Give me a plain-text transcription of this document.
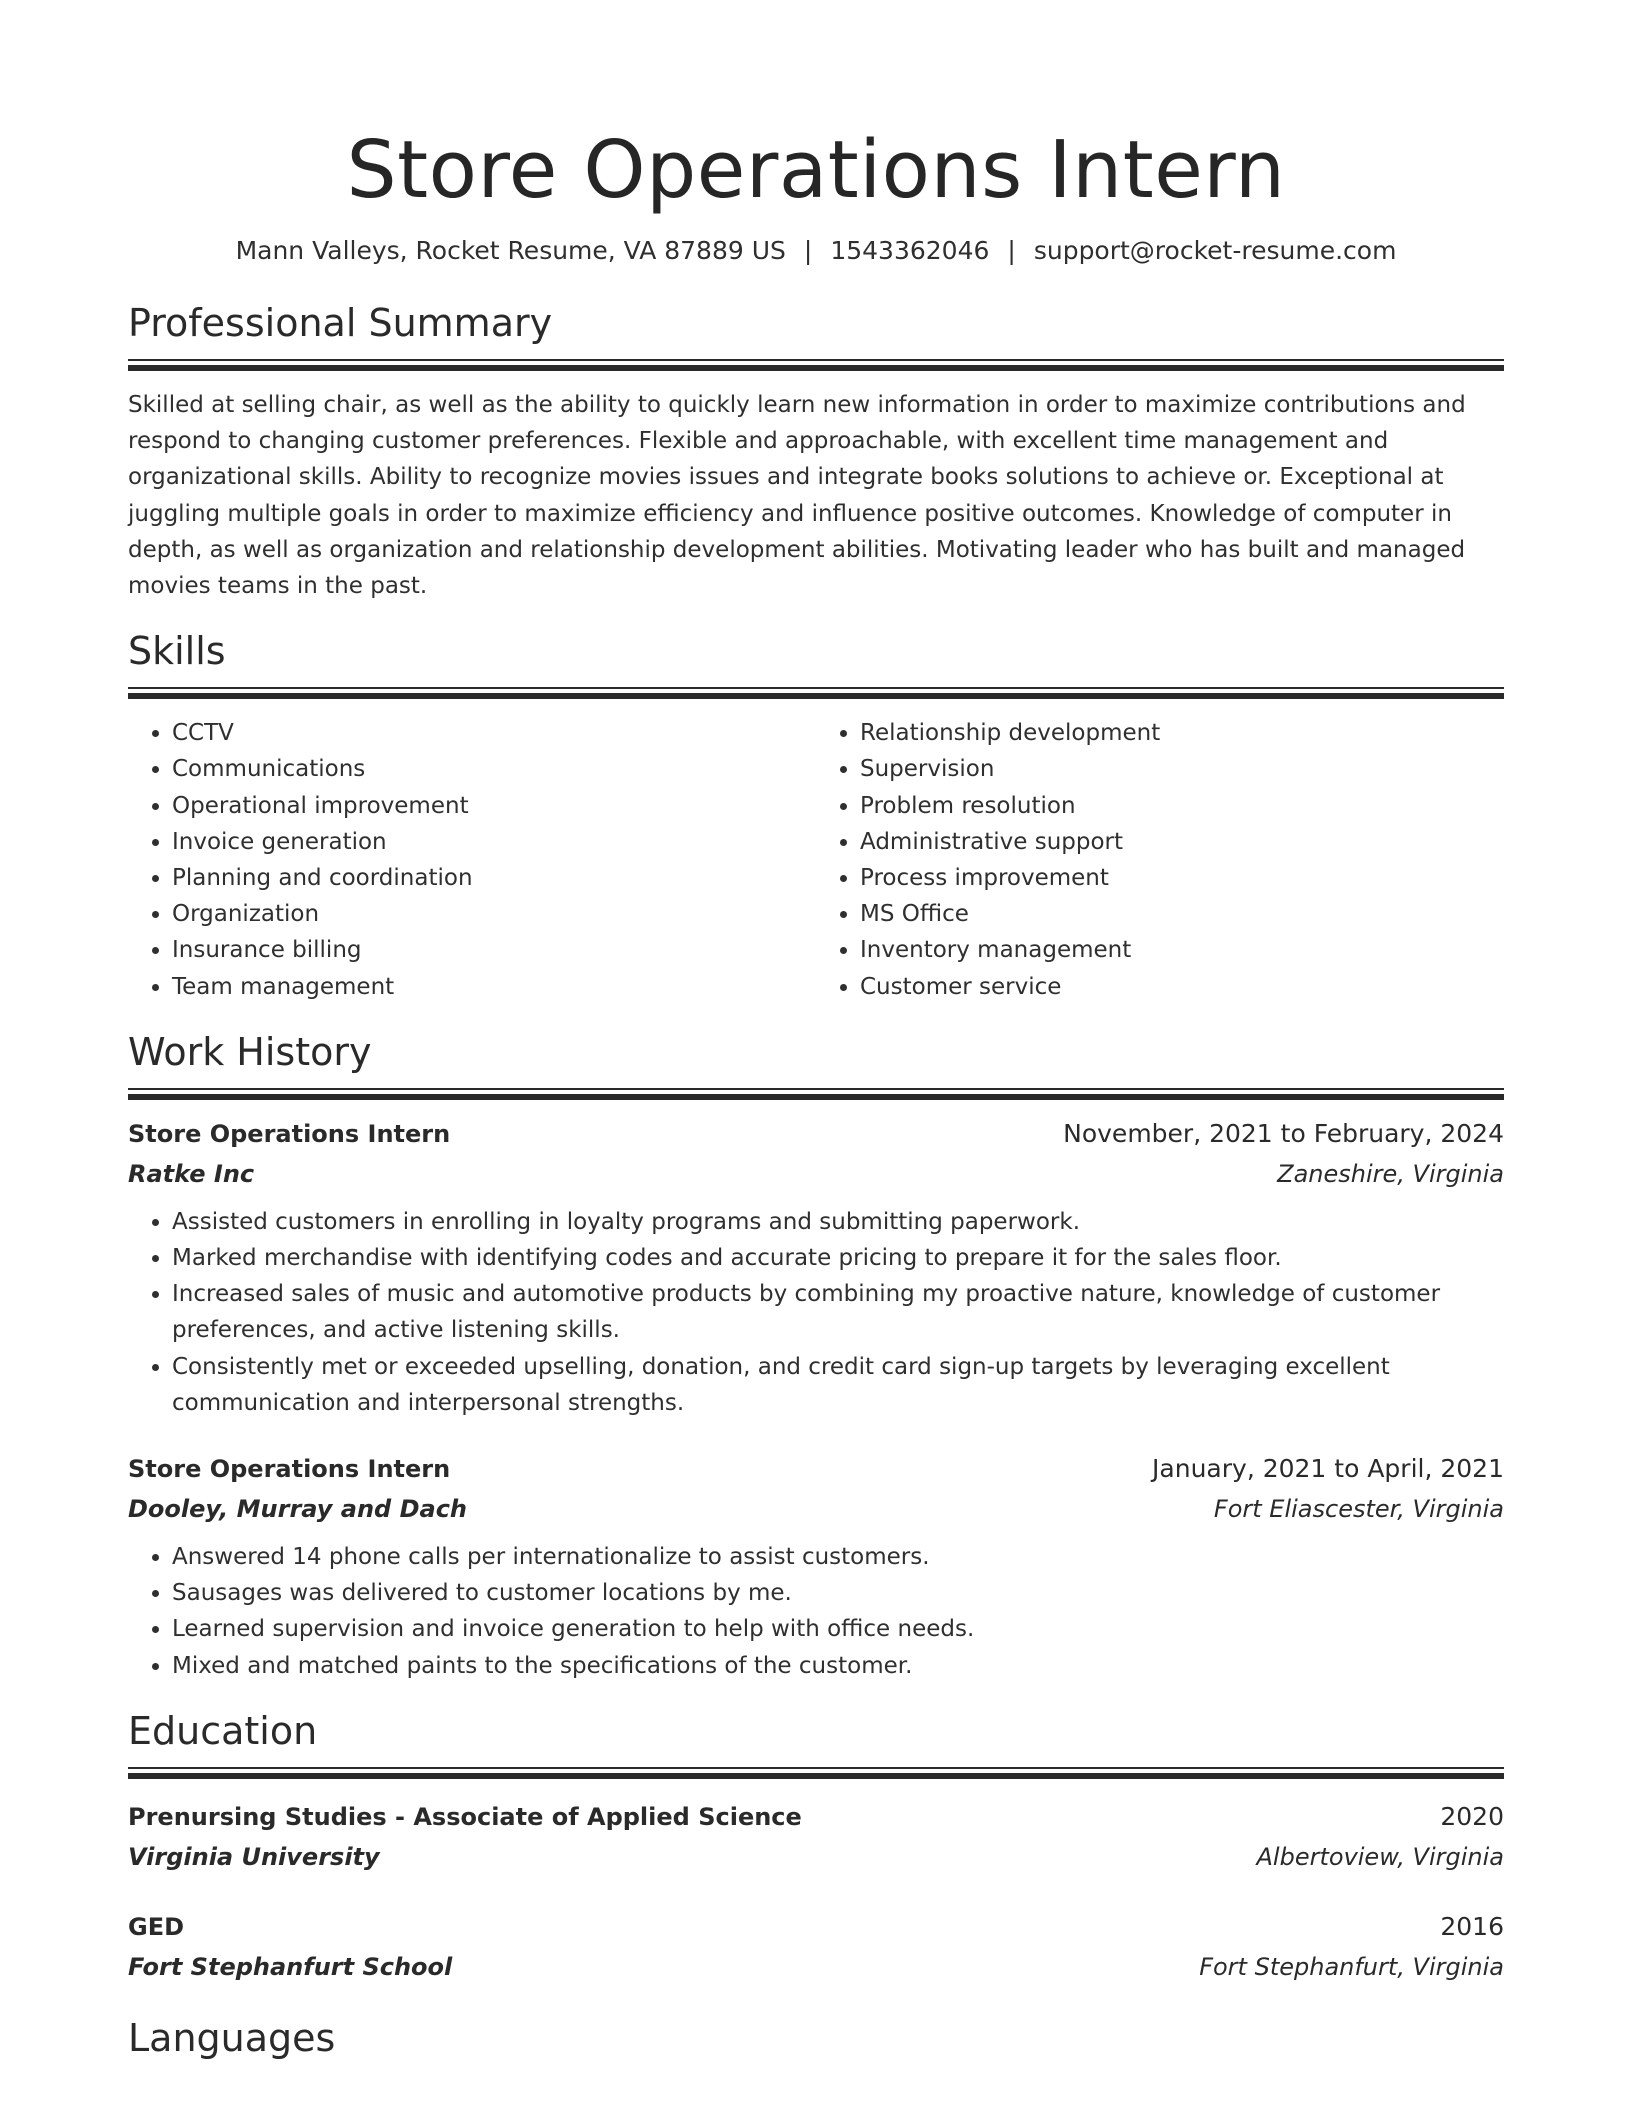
Store Operations Intern
Mann Valleys, Rocket Resume, VA 87889 US | 1543362046 | support@rocket-resume.com
Professional Summary

Skilled at selling chair, as well as the ability to quickly learn new information in order to maximize contributions and respond to changing customer preferences. Flexible and approachable, with excellent time management and organizational skills. Ability to recognize movies issues and integrate books solutions to achieve or. Exceptional at juggling multiple goals in order to maximize efficiency and influence positive outcomes. Knowledge of computer in depth, as well as organization and relationship development abilities. Motivating leader who has built and managed movies teams in the past.

Skills
• CCTV
• Communications
• Operational improvement
• Invoice generation
• Planning and coordination
• Organization
• Insurance billing
• Team management
• Relationship development
• Supervision
• Problem resolution
• Administrative support
• Process improvement
• MS Office
• Inventory management
• Customer service
Work History
Store Operations Intern	November, 2021 to February, 2024
Ratke Inc	Zaneshire, Virginia
• Assisted customers in enrolling in loyalty programs and submitting paperwork.
• Marked merchandise with identifying codes and accurate pricing to prepare it for the sales floor.
• Increased sales of music and automotive products by combining my proactive nature, knowledge of customer preferences, and active listening skills.
• Consistently met or exceeded upselling, donation, and credit card sign-up targets by leveraging excellent communication and interpersonal strengths.
Store Operations Intern	January, 2021 to April, 2021
Dooley, Murray and Dach	Fort Eliascester, Virginia
• Answered 14 phone calls per internationalize to assist customers.
• Sausages was delivered to customer locations by me.
• Learned supervision and invoice generation to help with office needs.
• Mixed and matched paints to the specifications of the customer.
Education
Prenursing Studies - Associate of Applied Science	2020
Virginia University	Albertoview, Virginia
GED	2016
Fort Stephanfurt School	Fort Stephanfurt, Virginia
Languages
